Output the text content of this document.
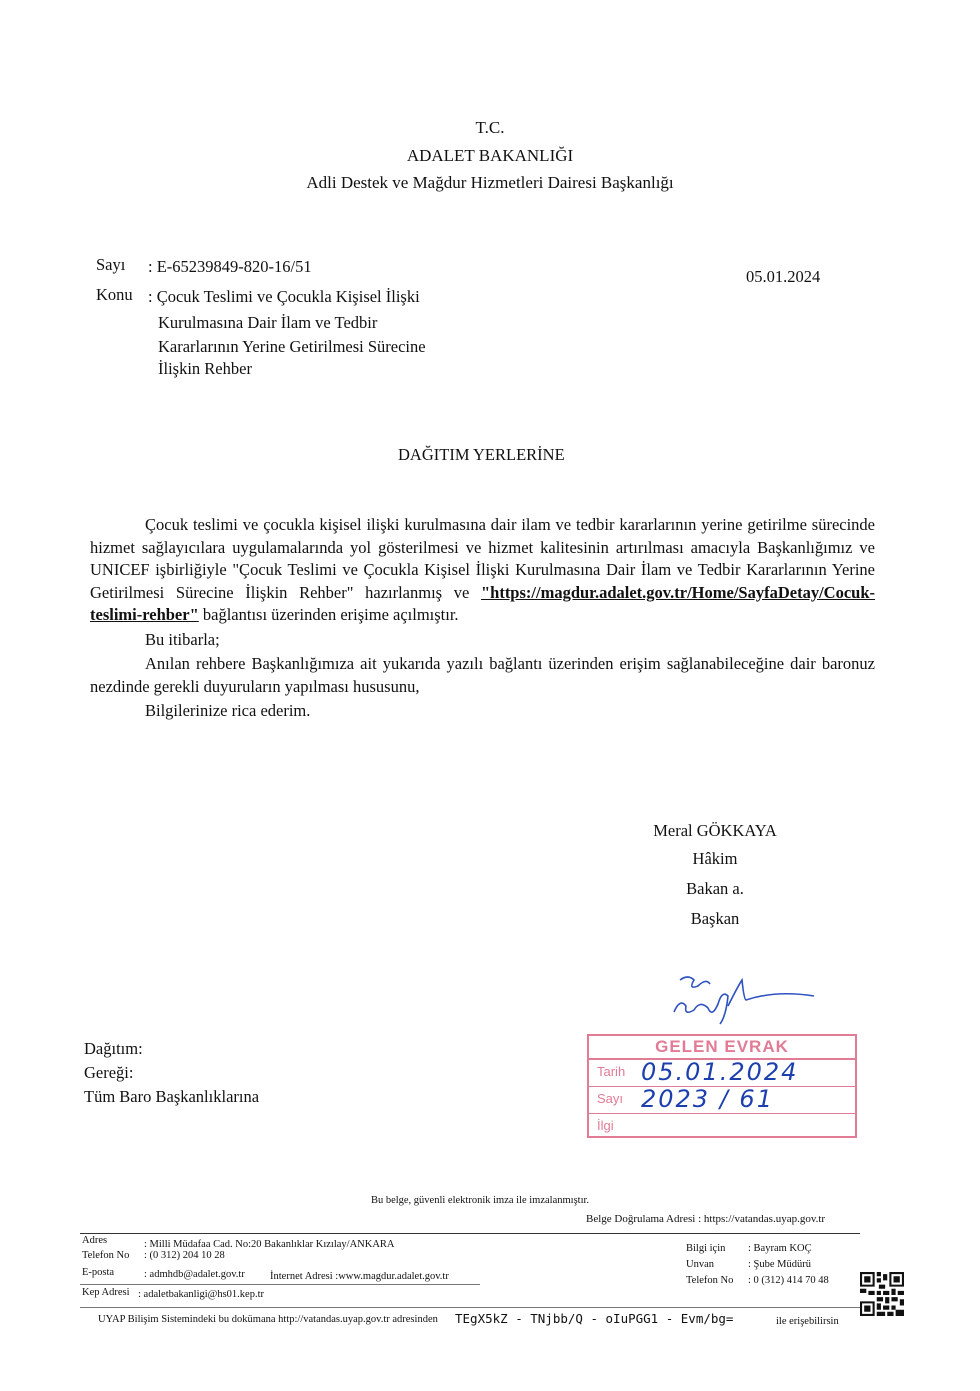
T.C.
ADALET BAKANLIĞI
Adli Destek ve Mağdur Hizmetleri Dairesi Başkanlığı
Sayı : E-65239849-820-16/51
05.01.2024
Konu : Çocuk Teslimi ve Çocukla Kişisel İlişki
Kurulmasına Dair İlam ve Tedbir
Kararlarının Yerine Getirilmesi Sürecine
İlişkin Rehber
DAĞITIM YERLERİNE

Çocuk teslimi ve çocukla kişisel ilişki kurulmasına dair ilam ve tedbir kararlarının yerine getirilme sürecinde hizmet sağlayıcılara uygulamalarında yol gösterilmesi ve hizmet kalitesinin artırılması amacıyla Başkanlığımız ve UNICEF işbirliğiyle "Çocuk Teslimi ve Çocukla Kişisel İlişki Kurulmasına Dair İlam ve Tedbir Kararlarının Yerine Getirilmesi Sürecine İlişkin Rehber" hazırlanmış ve "https://magdur.adalet.gov.tr/Home/SayfaDetay/Cocuk-teslimi-rehber" bağlantısı üzerinden erişime açılmıştır.

Bu itibarla;

Anılan rehbere Başkanlığımıza ait yukarıda yazılı bağlantı üzerinden erişim sağlanabileceğine dair baronuz nezdinde gerekli duyuruların yapılması hususunu,

Bilgilerinize rica ederim.

Meral GÖKKAYA
Hâkim
Bakan a.
Başkan
GELEN EVRAK
Tarih 05.01.2024
Sayı 2023 / 61
İlgi
Dağıtım:
Gereği:
Tüm Baro Başkanlıklarına
Bu belge, güvenli elektronik imza ile imzalanmıştır.
Belge Doğrulama Adresi : https://vatandas.uyap.gov.tr
Adres	: Milli Müdafaa Cad. No:20 Bakanlıklar Kızılay/ANKARA
Telefon No : (0 312) 204 10 28
E-posta	: admhdb@adalet.gov.tr İnternet Adresi :www.magdur.adalet.gov.tr
Kep Adresi : adaletbakanligi@hs01.kep.tr
Bilgi için : Bayram KOÇ
Unvan	: Şube Müdürü
Telefon No : 0 (312) 414 70 48
UYAP Bilişim Sistemindeki bu dokümana http://vatandas.uyap.gov.tr adresinden TEgX5kZ - TNjbb/Q - oIuPGG1 - Evm/bg=	ile erişebilirsin
